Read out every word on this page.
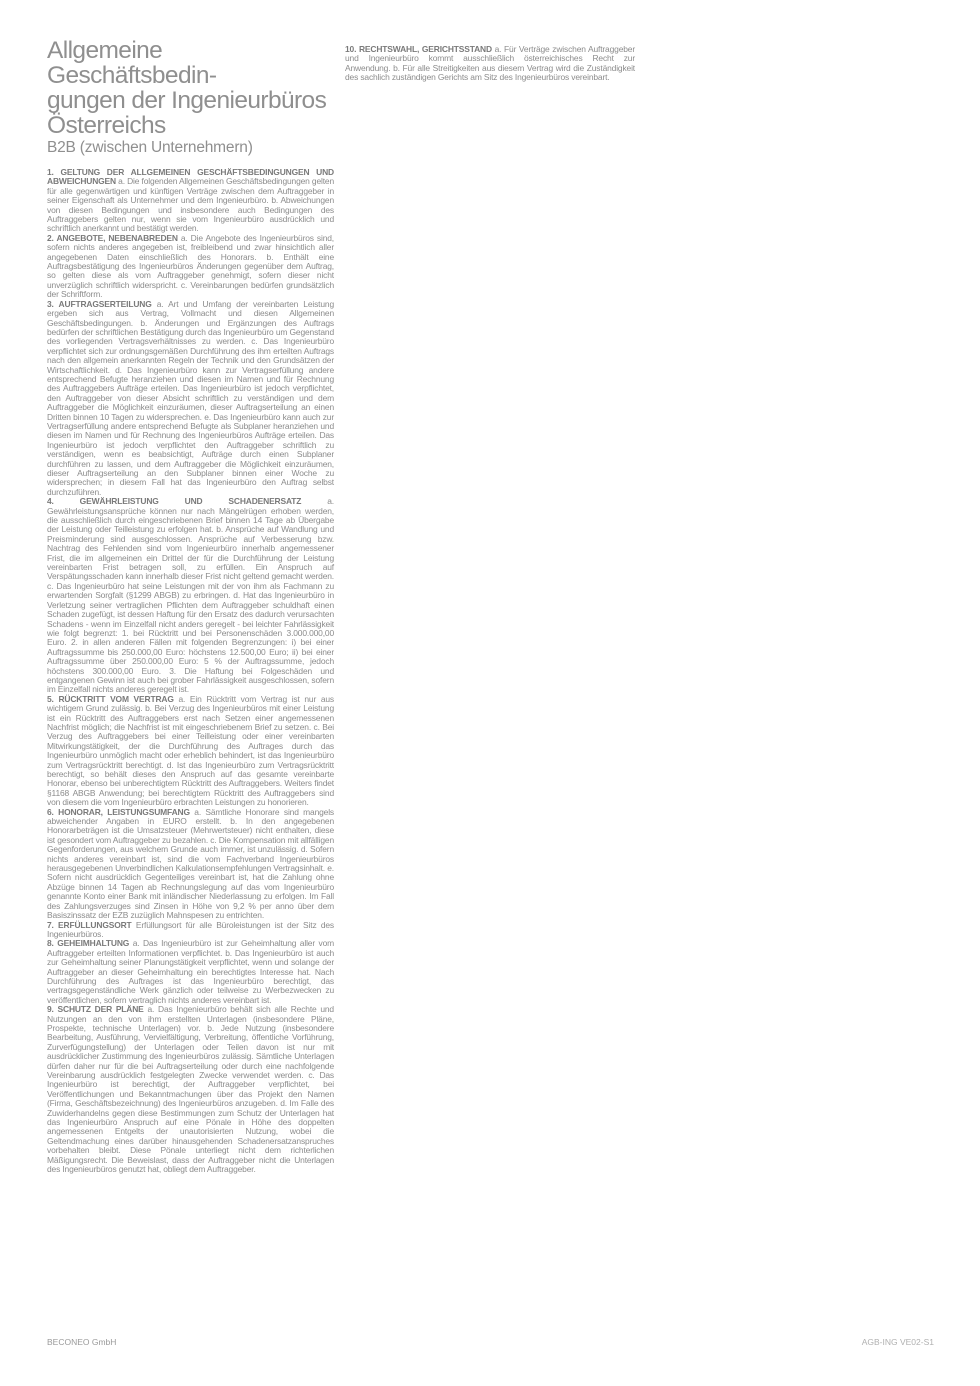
Allgemeine Geschäftsbedin-
gungen der Ingenieurbüros
Österreichs
B2B (zwischen Unternehmern)

1. GELTUNG DER ALLGEMEINEN GESCHÄFTSBEDINGUNGEN UND ABWEICHUNGEN a. Die folgenden Allgemeinen Geschäftsbedingungen gelten für alle gegenwärtigen und künftigen Verträge zwischen dem Auftraggeber in seiner Eigenschaft als Unternehmer und dem Ingenieurbüro. b. Abweichungen von diesen Bedingungen und insbesondere auch Bedingungen des Auftraggebers gelten nur, wenn sie vom Ingenieurbüro ausdrücklich und schriftlich anerkannt und bestätigt werden.

2. ANGEBOTE, NEBENABREDEN a. Die Angebote des Ingenieurbüros sind, sofern nichts anderes angegeben ist, freibleibend und zwar hinsichtlich aller angegebenen Daten einschließlich des Honorars. b. Enthält eine Auftragsbestätigung des Ingenieurbüros Änderungen gegenüber dem Auftrag, so gelten diese als vom Auftraggeber genehmigt, sofern dieser nicht unverzüglich schriftlich widerspricht. c. Vereinbarungen bedürfen grundsätzlich der Schriftform.

3. AUFTRAGSERTEILUNG a. Art und Umfang der vereinbarten Leistung ergeben sich aus Vertrag, Vollmacht und diesen Allgemeinen Geschäftsbedingungen. b. Änderungen und Ergänzungen des Auftrags bedürfen der schriftlichen Bestätigung durch das Ingenieurbüro um Gegenstand des vorliegenden Vertragsverhältnisses zu werden. c. Das Ingenieurbüro verpflichtet sich zur ordnungsgemäßen Durchführung des ihm erteilten Auftrags nach den allgemein anerkannten Regeln der Technik und den Grundsätzen der Wirtschaftlichkeit. d. Das Ingenieurbüro kann zur Vertragserfüllung andere entsprechend Befugte heranziehen und diesen im Namen und für Rechnung des Auftraggebers Aufträge erteilen. Das Ingenieurbüro ist jedoch verpflichtet, den Auftraggeber von dieser Absicht schriftlich zu verständigen und dem Auftraggeber die Möglichkeit einzuräumen, dieser Auftragserteilung an einen Dritten binnen 10 Tagen zu widersprechen. e. Das Ingenieurbüro kann auch zur Vertragserfüllung andere entsprechend Befugte als Subplaner heranziehen und diesen im Namen und für Rechnung des Ingenieurbüros Aufträge erteilen. Das Ingenieurbüro ist jedoch verpflichtet den Auftraggeber schriftlich zu verständigen, wenn es beabsichtigt, Aufträge durch einen Subplaner durchführen zu lassen, und dem Auftraggeber die Möglichkeit einzuräumen, dieser Auftragserteilung an den Subplaner binnen einer Woche zu widersprechen; in diesem Fall hat das Ingenieurbüro den Auftrag selbst durchzuführen.

4. GEWÄHRLEISTUNG UND SCHADENERSATZ a. Gewährleistungsansprüche können nur nach Mängelrügen erhoben werden, die ausschließlich durch eingeschriebenen Brief binnen 14 Tage ab Übergabe der Leistung oder Teilleistung zu erfolgen hat. b. Ansprüche auf Wandlung und Preisminderung sind ausgeschlossen. Ansprüche auf Verbesserung bzw. Nachtrag des Fehlenden sind vom Ingenieurbüro innerhalb angemessener Frist, die im allgemeinen ein Drittel der für die Durchführung der Leistung vereinbarten Frist betragen soll, zu erfüllen. Ein Anspruch auf Verspätungsschaden kann innerhalb dieser Frist nicht geltend gemacht werden. c. Das Ingenieurbüro hat seine Leistungen mit der von ihm als Fachmann zu erwartenden Sorgfalt (§1299 ABGB) zu erbringen. d. Hat das Ingenieurbüro in Verletzung seiner vertraglichen Pflichten dem Auftraggeber schuldhaft einen Schaden zugefügt, ist dessen Haftung für den Ersatz des dadurch verursachten Schadens - wenn im Einzelfall nicht anders geregelt - bei leichter Fahrlässigkeit wie folgt begrenzt: 1. bei Rücktritt und bei Personenschäden 3.000.000,00 Euro. 2. in allen anderen Fällen mit folgenden Begrenzungen: i) bei einer Auftragssumme bis 250.000,00 Euro: höchstens 12.500,00 Euro; ii) bei einer Auftragssumme über 250.000,00 Euro: 5 % der Auftragssumme, jedoch höchstens 300.000,00 Euro. 3. Die Haftung bei Folgeschäden und entgangenen Gewinn ist auch bei grober Fahrlässigkeit ausgeschlossen, sofern im Einzelfall nichts anderes geregelt ist.

5. RÜCKTRITT VOM VERTRAG a. Ein Rücktritt vom Vertrag ist nur aus wichtigem Grund zulässig. b. Bei Verzug des Ingenieurbüros mit einer Leistung ist ein Rücktritt des Auftraggebers erst nach Setzen einer angemessenen Nachfrist möglich; die Nachfrist ist mit eingeschriebenem Brief zu setzen. c. Bei Verzug des Auftraggebers bei einer Teilleistung oder einer vereinbarten Mitwirkungstätigkeit, der die Durchführung des Auftrages durch das Ingenieurbüro unmöglich macht oder erheblich behindert, ist das Ingenieurbüro zum Vertragsrücktritt berechtigt. d. Ist das Ingenieurbüro zum Vertragsrücktritt berechtigt, so behält dieses den Anspruch auf das gesamte vereinbarte Honorar, ebenso bei unberechtigtem Rücktritt des Auftraggebers. Weiters findet §1168 ABGB Anwendung; bei berechtigtem Rücktritt des Auftraggebers sind von diesem die vom Ingenieurbüro erbrachten Leistungen zu honorieren.

6. HONORAR, LEISTUNGSUMFANG a. Sämtliche Honorare sind mangels abweichender Angaben in EURO erstellt. b. In den angegebenen Honorarbeträgen ist die Umsatzsteuer (Mehrwertsteuer) nicht enthalten, diese ist gesondert vom Auftraggeber zu bezahlen. c. Die Kompensation mit allfälligen Gegenforderungen, aus welchem Grunde auch immer, ist unzulässig. d. Sofern nichts anderes vereinbart ist, sind die vom Fachverband Ingenieurbüros herausgegebenen Unverbindlichen Kalkulationsempfehlungen Vertragsinhalt. e. Sofern nicht ausdrücklich Gegenteiliges vereinbart ist, hat die Zahlung ohne Abzüge binnen 14 Tagen ab Rechnungslegung auf das vom Ingenieurbüro genannte Konto einer Bank mit inländischer Niederlassung zu erfolgen. Im Fall des Zahlungsverzuges sind Zinsen in Höhe von 9,2 % per anno über dem Basiszinssatz der EZB zuzüglich Mahnspesen zu entrichten.

7. ERFÜLLUNGSORT Erfüllungsort für alle Büroleistungen ist der Sitz des Ingenieurbüros.

8. GEHEIMHALTUNG a. Das Ingenieurbüro ist zur Geheimhaltung aller vom Auftraggeber erteilten Informationen verpflichtet. b. Das Ingenieurbüro ist auch zur Geheimhaltung seiner Planungstätigkeit verpflichtet, wenn und solange der Auftraggeber an dieser Geheimhaltung ein berechtigtes Interesse hat. Nach Durchführung des Auftrages ist das Ingenieurbüro berechtigt, das vertragsgegenständliche Werk gänzlich oder teilweise zu Werbezwecken zu veröffentlichen, sofern vertraglich nichts anderes vereinbart ist.

9. SCHUTZ DER PLÄNE a. Das Ingenieurbüro behält sich alle Rechte und Nutzungen an den von ihm erstellten Unterlagen (insbesondere Pläne, Prospekte, technische Unterlagen) vor. b. Jede Nutzung (insbesondere Bearbeitung, Ausführung, Vervielfältigung, Verbreitung, öffentliche Vorführung, Zurverfügungstellung) der Unterlagen oder Teilen davon ist nur mit ausdrücklicher Zustimmung des Ingenieurbüros zulässig. Sämtliche Unterlagen dürfen daher nur für die bei Auftragserteilung oder durch eine nachfolgende Vereinbarung ausdrücklich festgelegten Zwecke verwendet werden. c. Das Ingenieurbüro ist berechtigt, der Auftraggeber verpflichtet, bei Veröffentlichungen und Bekanntmachungen über das Projekt den Namen (Firma, Geschäftsbezeichnung) des Ingenieurbüros anzugeben. d. Im Falle des Zuwiderhandelns gegen diese Bestimmungen zum Schutz der Unterlagen hat das Ingenieurbüro Anspruch auf eine Pönale in Höhe des doppelten angemessenen Entgelts der unautorisierten Nutzung, wobei die Geltendmachung eines darüber hinausgehenden Schadenersatzanspruches vorbehalten bleibt. Diese Pönale unterliegt nicht dem richterlichen Mäßigungsrecht. Die Beweislast, dass der Auftraggeber nicht die Unterlagen des Ingenieurbüros genutzt hat, obliegt dem Auftraggeber.

10. RECHTSWAHL, GERICHTSSTAND a. Für Verträge zwischen Auftraggeber und Ingenieurbüro kommt ausschließlich österreichisches Recht zur Anwendung. b. Für alle Streitigkeiten aus diesem Vertrag wird die Zuständigkeit des sachlich zuständigen Gerichts am Sitz des Ingenieurbüros vereinbart.

BECONEO GmbH	AGB-ING VE02-S1
